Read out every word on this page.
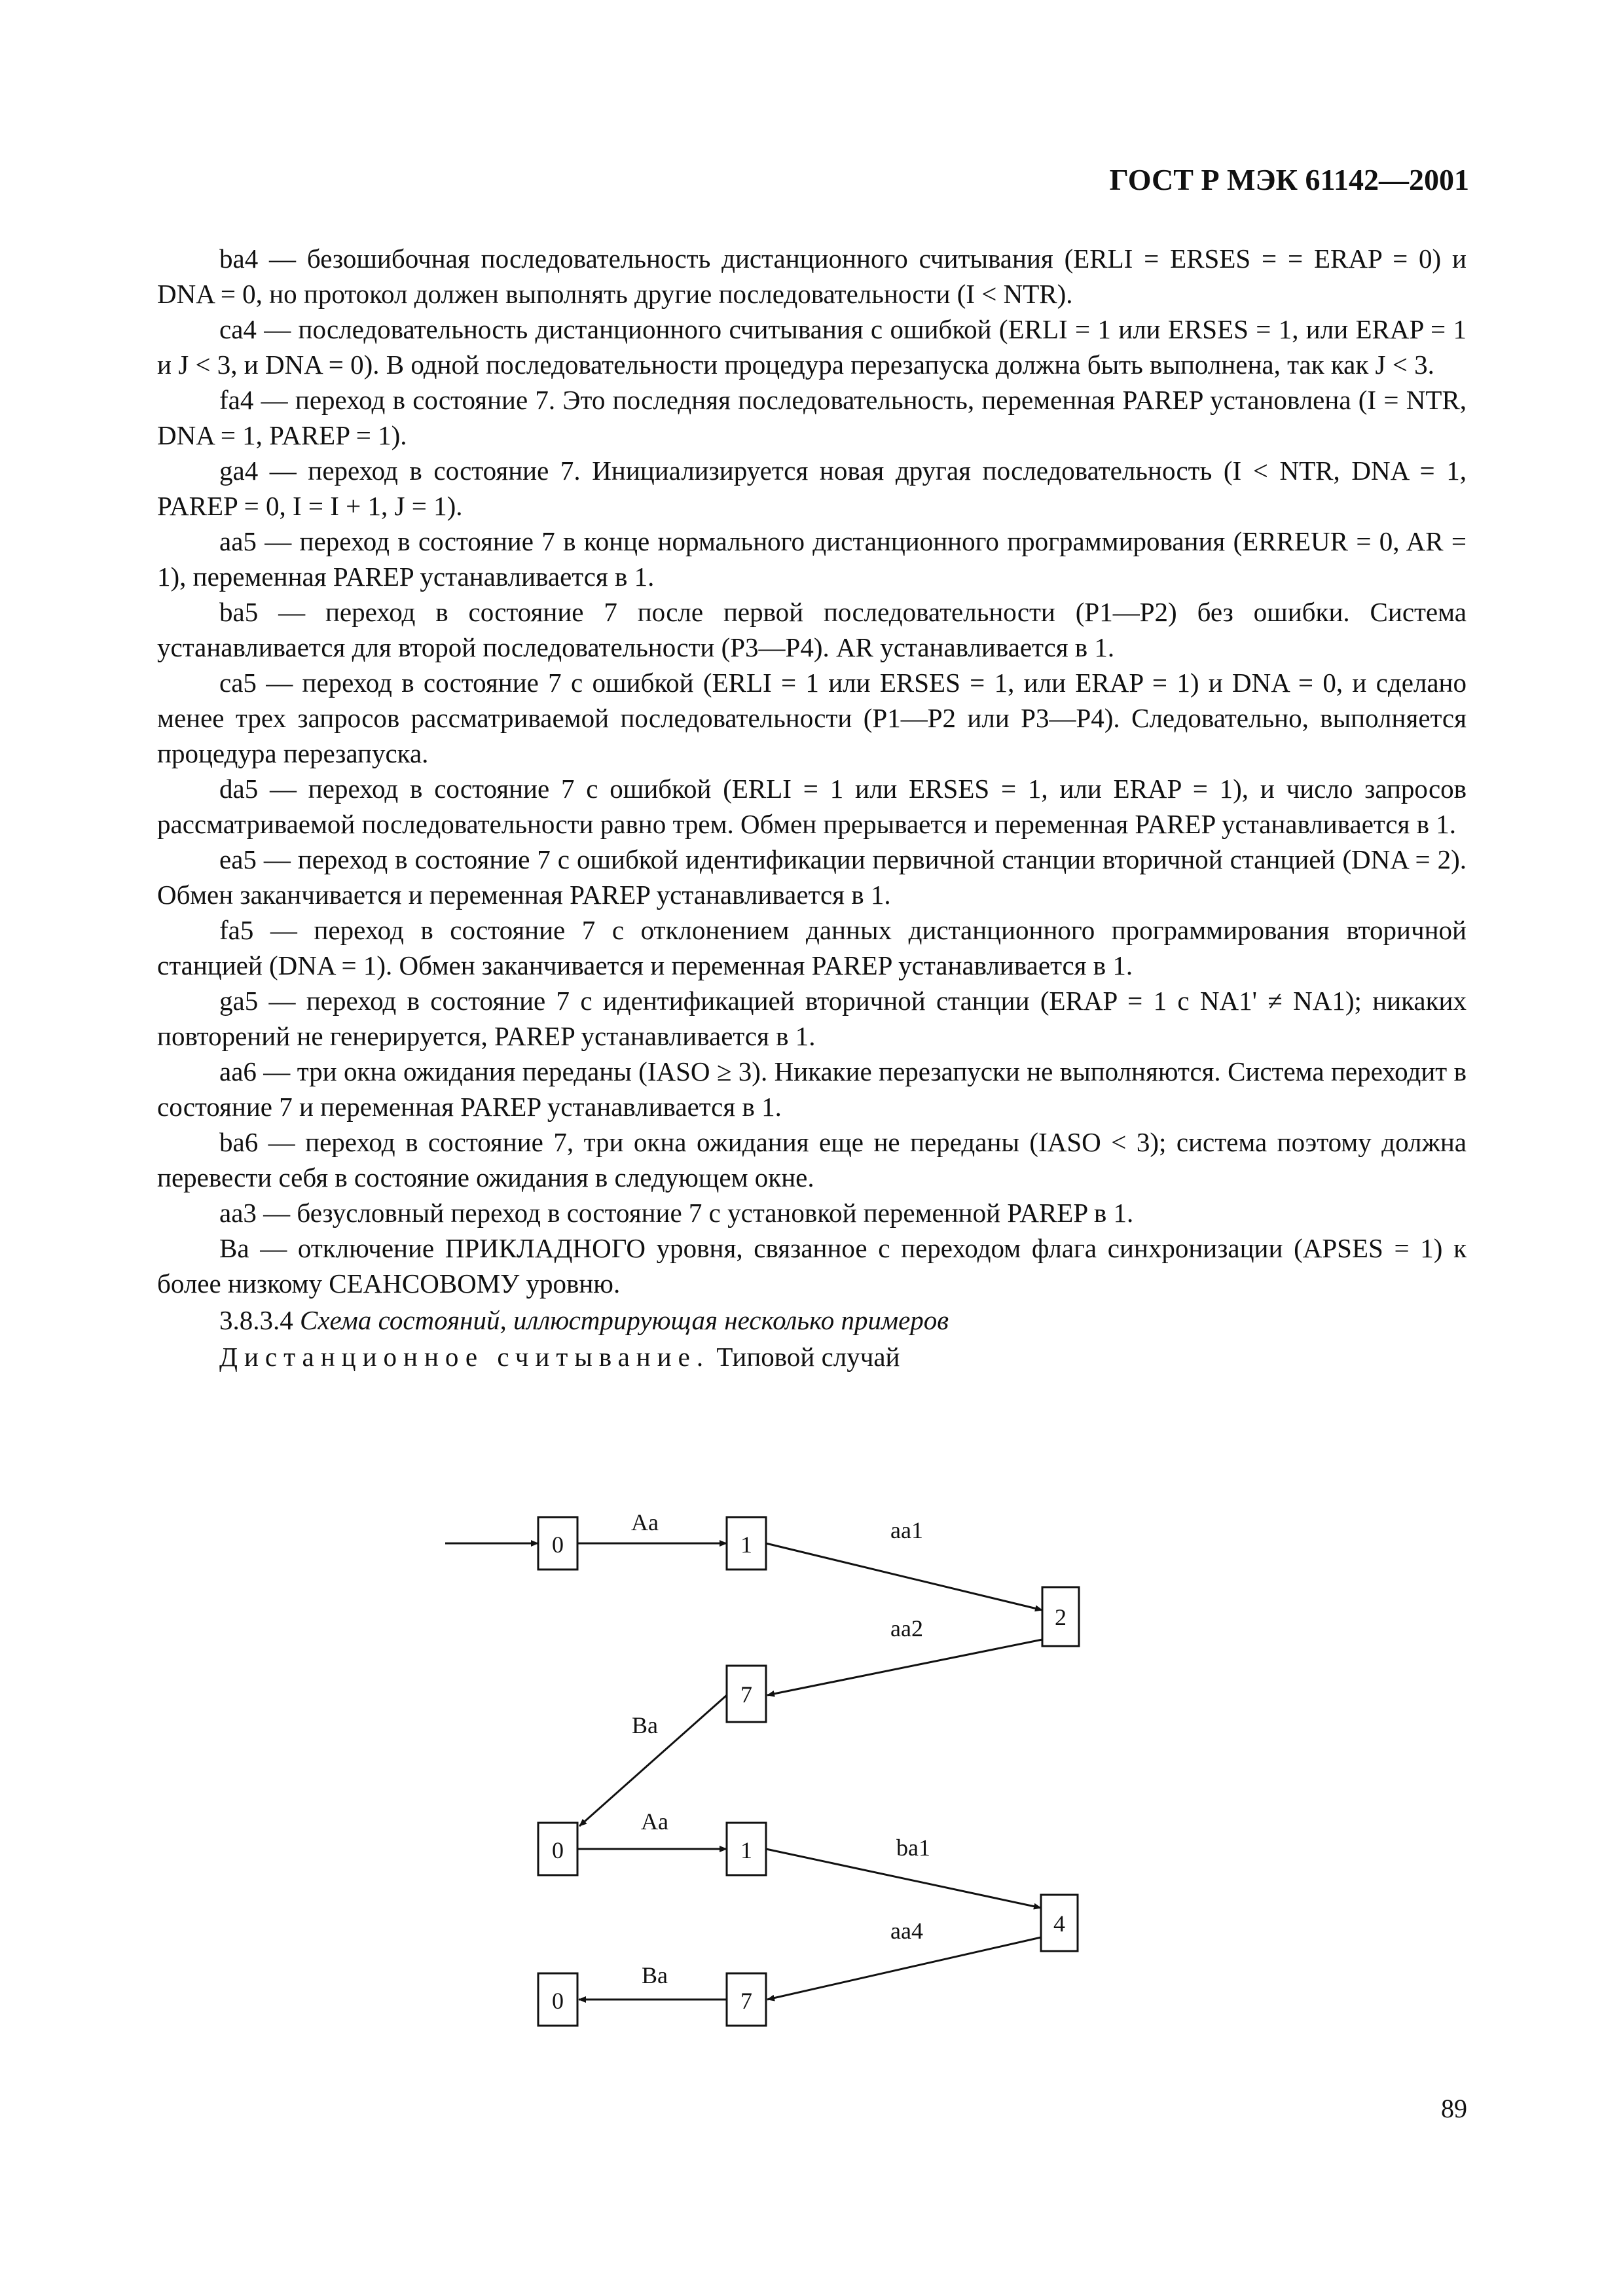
ГОСТ Р МЭК 61142—2001

ba4 — безошибочная последовательность дистанционного считывания (ERLI = ERSES = = ERAP = 0) и DNA = 0, но протокол должен выполнять другие последовательности (I < NTR).

ca4 — последовательность дистанционного считывания с ошибкой (ERLI = 1 или ERSES = 1, или ERAP = 1 и J < 3, и DNA = 0). В одной последовательности процедура перезапуска должна быть выполнена, так как J < 3.

fa4 — переход в состояние 7. Это последняя последовательность, переменная PAREP установлена (I = NTR, DNA = 1, PAREP = 1).

ga4 — переход в состояние 7. Инициализируется новая другая последовательность (I < NTR, DNA = 1, PAREP = 0, I = I + 1, J = 1).

aa5 — переход в состояние 7 в конце нормального дистанционного программирования (ERREUR = 0, AR = 1), переменная PAREP устанавливается в 1.

ba5 — переход в состояние 7 после первой последовательности (P1—P2) без ошибки. Система устанавливается для второй последовательности (P3—P4). AR устанавливается в 1.

ca5 — переход в состояние 7 с ошибкой (ERLI = 1 или ERSES = 1, или ERAP = 1) и DNA = 0, и сделано менее трех запросов рассматриваемой последовательности (P1—P2 или P3—P4). Следовательно, выполняется процедура перезапуска.

da5 — переход в состояние 7 с ошибкой (ERLI = 1 или ERSES = 1, или ERAP = 1), и число запросов рассматриваемой последовательности равно трем. Обмен прерывается и переменная PAREP устанавливается в 1.

ea5 — переход в состояние 7 с ошибкой идентификации первичной станции вторичной станцией (DNA = 2). Обмен заканчивается и переменная PAREP устанавливается в 1.

fa5 — переход в состояние 7 с отклонением данных дистанционного программирования вторичной станцией (DNA = 1). Обмен заканчивается и переменная PAREP устанавливается в 1.

ga5 — переход в состояние 7 с идентификацией вторичной станции (ERAP = 1 с NA1' ≠ NA1); никаких повторений не генерируется, PAREP устанавливается в 1.

aa6 — три окна ожидания переданы (IASO ≥ 3). Никакие перезапуски не выполняются. Система переходит в состояние 7 и переменная PAREP устанавливается в 1.

ba6 — переход в состояние 7, три окна ожидания еще не переданы (IASO < 3); система поэтому должна перевести себя в состояние ожидания в следующем окне.

aa3 — безусловный переход в состояние 7 с установкой переменной PAREP в 1.

Ba — отключение ПРИКЛАДНОГО уровня, связанное с переходом флага синхронизации (APSES = 1) к более низкому СЕАНСОВОМУ уровню.

3.8.3.4 Схема состояний, иллюстрирующая несколько примеров

Дистанционное считывание. Типовой случай

0	1
2
7
0	1
4
0	7
Aa	aa1
aa2
Ba
Aa
ba1
aa4
Ba
89
